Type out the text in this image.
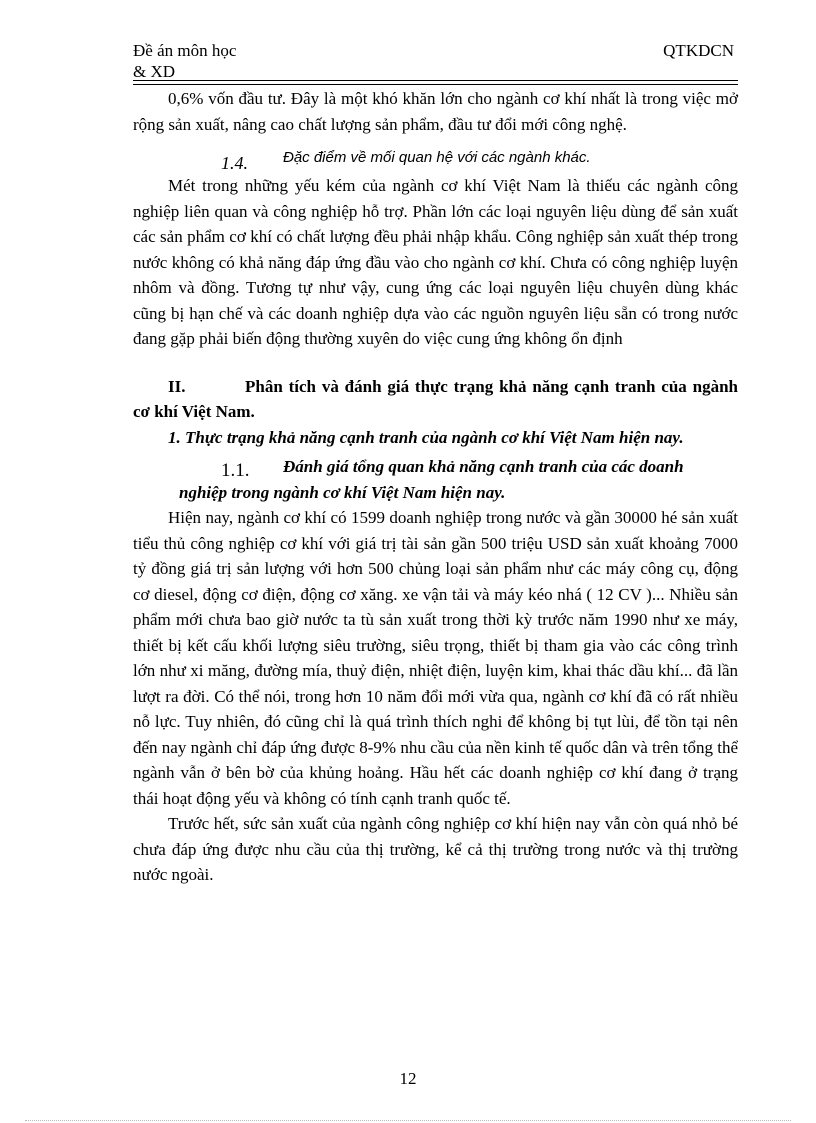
Đề án môn học
& XD
QTKDCN

0,6% vốn đầu tư. Đây là một khó khăn lớn cho ngành cơ khí nhất là trong việc mở rộng sản xuất, nâng cao chất lượng sản phẩm, đầu tư đổi mới công nghệ.

1.4. Đặc điểm về mối quan hệ với các ngành khác.

Mét trong những yếu kém của ngành cơ khí Việt Nam là thiếu các ngành công nghiệp liên quan và công nghiệp hỗ trợ. Phần lớn các loại nguyên liệu dùng để sản xuất các sản phẩm cơ khí có chất lượng đều phải nhập khẩu. Công nghiệp sản xuất thép trong nước không có khả năng đáp ứng đầu vào cho ngành cơ khí. Chưa có công nghiệp luyện nhôm và đồng. Tương tự như vậy, cung ứng các loại nguyên liệu chuyên dùng khác cũng bị hạn chế và các doanh nghiệp dựa vào các nguồn nguyên liệu sẵn có trong nước đang gặp phải biến động thường xuyên do việc cung ứng không ổn định

II.	Phân tích và đánh giá thực trạng khả năng cạnh tranh của ngành cơ khí Việt Nam.

1. Thực trạng khả năng cạnh tranh của ngành cơ khí Việt Nam hiện nay.

1.1.	Đánh giá tổng quan khả năng cạnh tranh của các doanh
nghiệp trong ngành cơ khí Việt Nam hiện nay.

Hiện nay, ngành cơ khí có 1599 doanh nghiệp trong nước và gần 30000 hé sản xuất tiểu thủ công nghiệp cơ khí với giá trị tài sản gần 500 triệu USD sản xuất khoảng 7000 tỷ đồng giá trị sản lượng với hơn 500 chủng loại sản phẩm như các máy công cụ, động cơ diesel, động cơ điện, động cơ xăng. xe vận tải và máy kéo nhá ( 12 CV )... Nhiều sản phẩm mới chưa bao giờ nước ta tù sản xuất trong thời kỳ trước năm 1990 như xe máy, thiết bị kết cấu khối lượng siêu trường, siêu trọng, thiết bị tham gia vào các công trình lớn như xi măng, đường mía, thuỷ điện, nhiệt điện, luyện kim, khai thác dầu khí... đã lần lượt ra đời. Có thể nói, trong hơn 10 năm đổi mới vừa qua, ngành cơ khí đã có rất nhiều nỗ lực. Tuy nhiên, đó cũng chỉ là quá trình thích nghi để không bị tụt lùi, để tồn tại nên đến nay ngành chỉ đáp ứng được 8-9% nhu cầu của nền kinh tế quốc dân và trên tổng thể ngành vẫn ở bên bờ của khủng hoảng. Hầu hết các doanh nghiệp cơ khí đang ở trạng thái hoạt động yếu và không có tính cạnh tranh quốc tế.

Trước hết, sức sản xuất của ngành công nghiệp cơ khí hiện nay vẫn còn quá nhỏ bé chưa đáp ứng được nhu cầu của thị trường, kể cả thị trường trong nước và thị trường nước ngoài.

12
